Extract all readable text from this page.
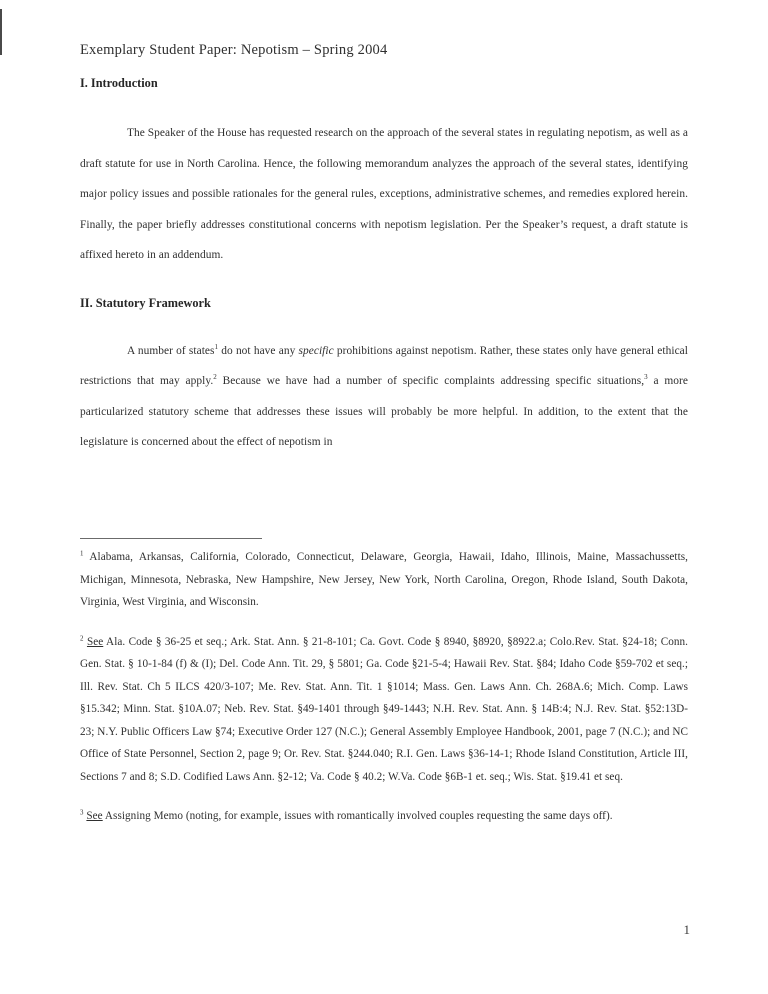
Exemplary Student Paper: Nepotism – Spring 2004
I. Introduction

The Speaker of the House has requested research on the approach of the several states in regulating nepotism, as well as a draft statute for use in North Carolina. Hence, the following memorandum analyzes the approach of the several states, identifying major policy issues and possible rationales for the general rules, exceptions, administrative schemes, and remedies explored herein. Finally, the paper briefly addresses constitutional concerns with nepotism legislation. Per the Speaker’s request, a draft statute is affixed hereto in an addendum.

II. Statutory Framework

A number of states$^1$ do not have any specific prohibitions against nepotism. Rather, these states only have general ethical restrictions that may apply.$^2$ Because we have had a number of specific complaints addressing specific situations,$^3$ a more particularized statutory scheme that addresses these issues will probably be more helpful. In addition, to the extent that the legislature is concerned about the effect of nepotism in

$^1$ Alabama, Arkansas, California, Colorado, Connecticut, Delaware, Georgia, Hawaii, Idaho, Illinois, Maine, Massachussetts, Michigan, Minnesota, Nebraska, New Hampshire, New Jersey, New York, North Carolina, Oregon, Rhode Island, South Dakota, Virginia, West Virginia, and Wisconsin.

$^2$ See Ala. Code § 36-25 et seq.; Ark. Stat. Ann. § 21-8-101; Ca. Govt. Code § 8940, §8920, §8922.a; Colo.Rev. Stat. §24-18; Conn. Gen. Stat. § 10-1-84 (f) & (I); Del. Code Ann. Tit. 29, § 5801; Ga. Code §21-5-4; Hawaii Rev. Stat. §84; Idaho Code §59-702 et seq.; Ill. Rev. Stat. Ch 5 ILCS 420/3-107; Me. Rev. Stat. Ann. Tit. 1 §1014; Mass. Gen. Laws Ann. Ch. 268A.6; Mich. Comp. Laws §15.342; Minn. Stat. §10A.07; Neb. Rev. Stat. §49-1401 through §49-1443; N.H. Rev. Stat. Ann. § 14B:4; N.J. Rev. Stat. §52:13D-23; N.Y. Public Officers Law §74; Executive Order 127 (N.C.); General Assembly Employee Handbook, 2001, page 7 (N.C.); and NC Office of State Personnel, Section 2, page 9; Or. Rev. Stat. §244.040; R.I. Gen. Laws §36-14-1; Rhode Island Constitution, Article III, Sections 7 and 8; S.D. Codified Laws Ann. §2-12; Va. Code § 40.2; W.Va. Code §6B-1 et. seq.; Wis. Stat. §19.41 et seq.

$^3$ See Assigning Memo (noting, for example, issues with romantically involved couples requesting the same days off).

1
